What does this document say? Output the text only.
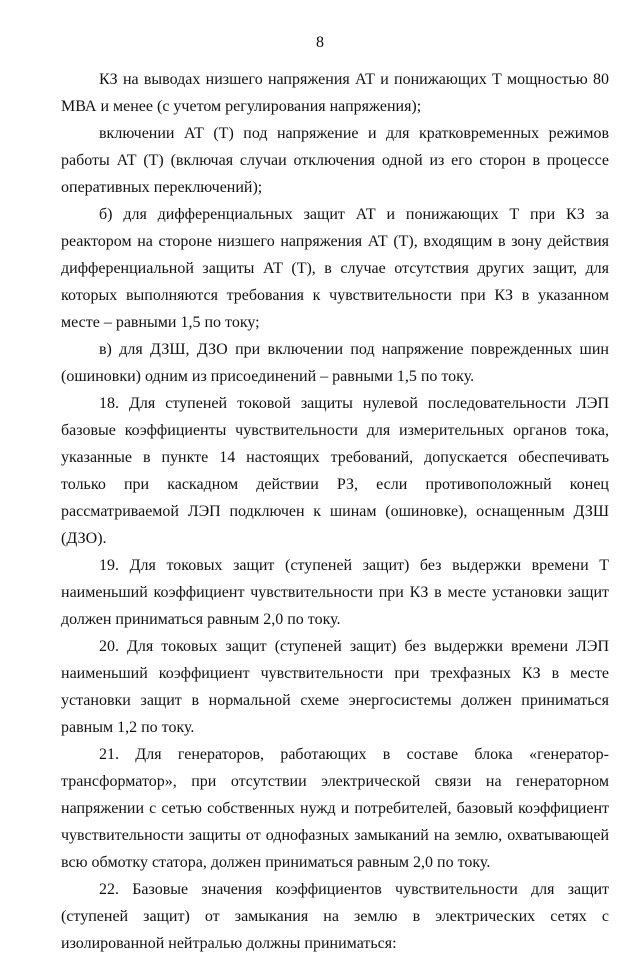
8

КЗ на выводах низшего напряжения АТ и понижающих Т мощностью 80 МВА и менее (с учетом регулирования напряжения);

включении АТ (Т) под напряжение и для кратковременных режимов работы АТ (Т) (включая случаи отключения одной из его сторон в процессе оперативных переключений);

б) для дифференциальных защит АТ и понижающих Т при КЗ за реактором на стороне низшего напряжения АТ (Т), входящим в зону действия дифференциальной защиты АТ (Т), в случае отсутствия других защит, для которых выполняются требования к чувствительности при КЗ в указанном месте – равными 1,5 по току;

в) для ДЗШ, ДЗО при включении под напряжение поврежденных шин (ошиновки) одним из присоединений – равными 1,5 по току.

18. Для ступеней токовой защиты нулевой последовательности ЛЭП базовые коэффициенты чувствительности для измерительных органов тока, указанные в пункте 14 настоящих требований, допускается обеспечивать только при каскадном действии РЗ, если противоположный конец рассматриваемой ЛЭП подключен к шинам (ошиновке), оснащенным ДЗШ (ДЗО).

19. Для токовых защит (ступеней защит) без выдержки времени Т наименьший коэффициент чувствительности при КЗ в месте установки защит должен приниматься равным 2,0 по току.

20. Для токовых защит (ступеней защит) без выдержки времени ЛЭП наименьший коэффициент чувствительности при трехфазных КЗ в месте установки защит в нормальной схеме энергосистемы должен приниматься равным 1,2 по току.

21. Для генераторов, работающих в составе блока «генератор-трансформатор», при отсутствии электрической связи на генераторном напряжении с сетью собственных нужд и потребителей, базовый коэффициент чувствительности защиты от однофазных замыканий на землю, охватывающей всю обмотку статора, должен приниматься равным 2,0 по току.

22. Базовые значения коэффициентов чувствительности для защит (ступеней защит) от замыкания на землю в электрических сетях с изолированной нейтралью должны приниматься:
